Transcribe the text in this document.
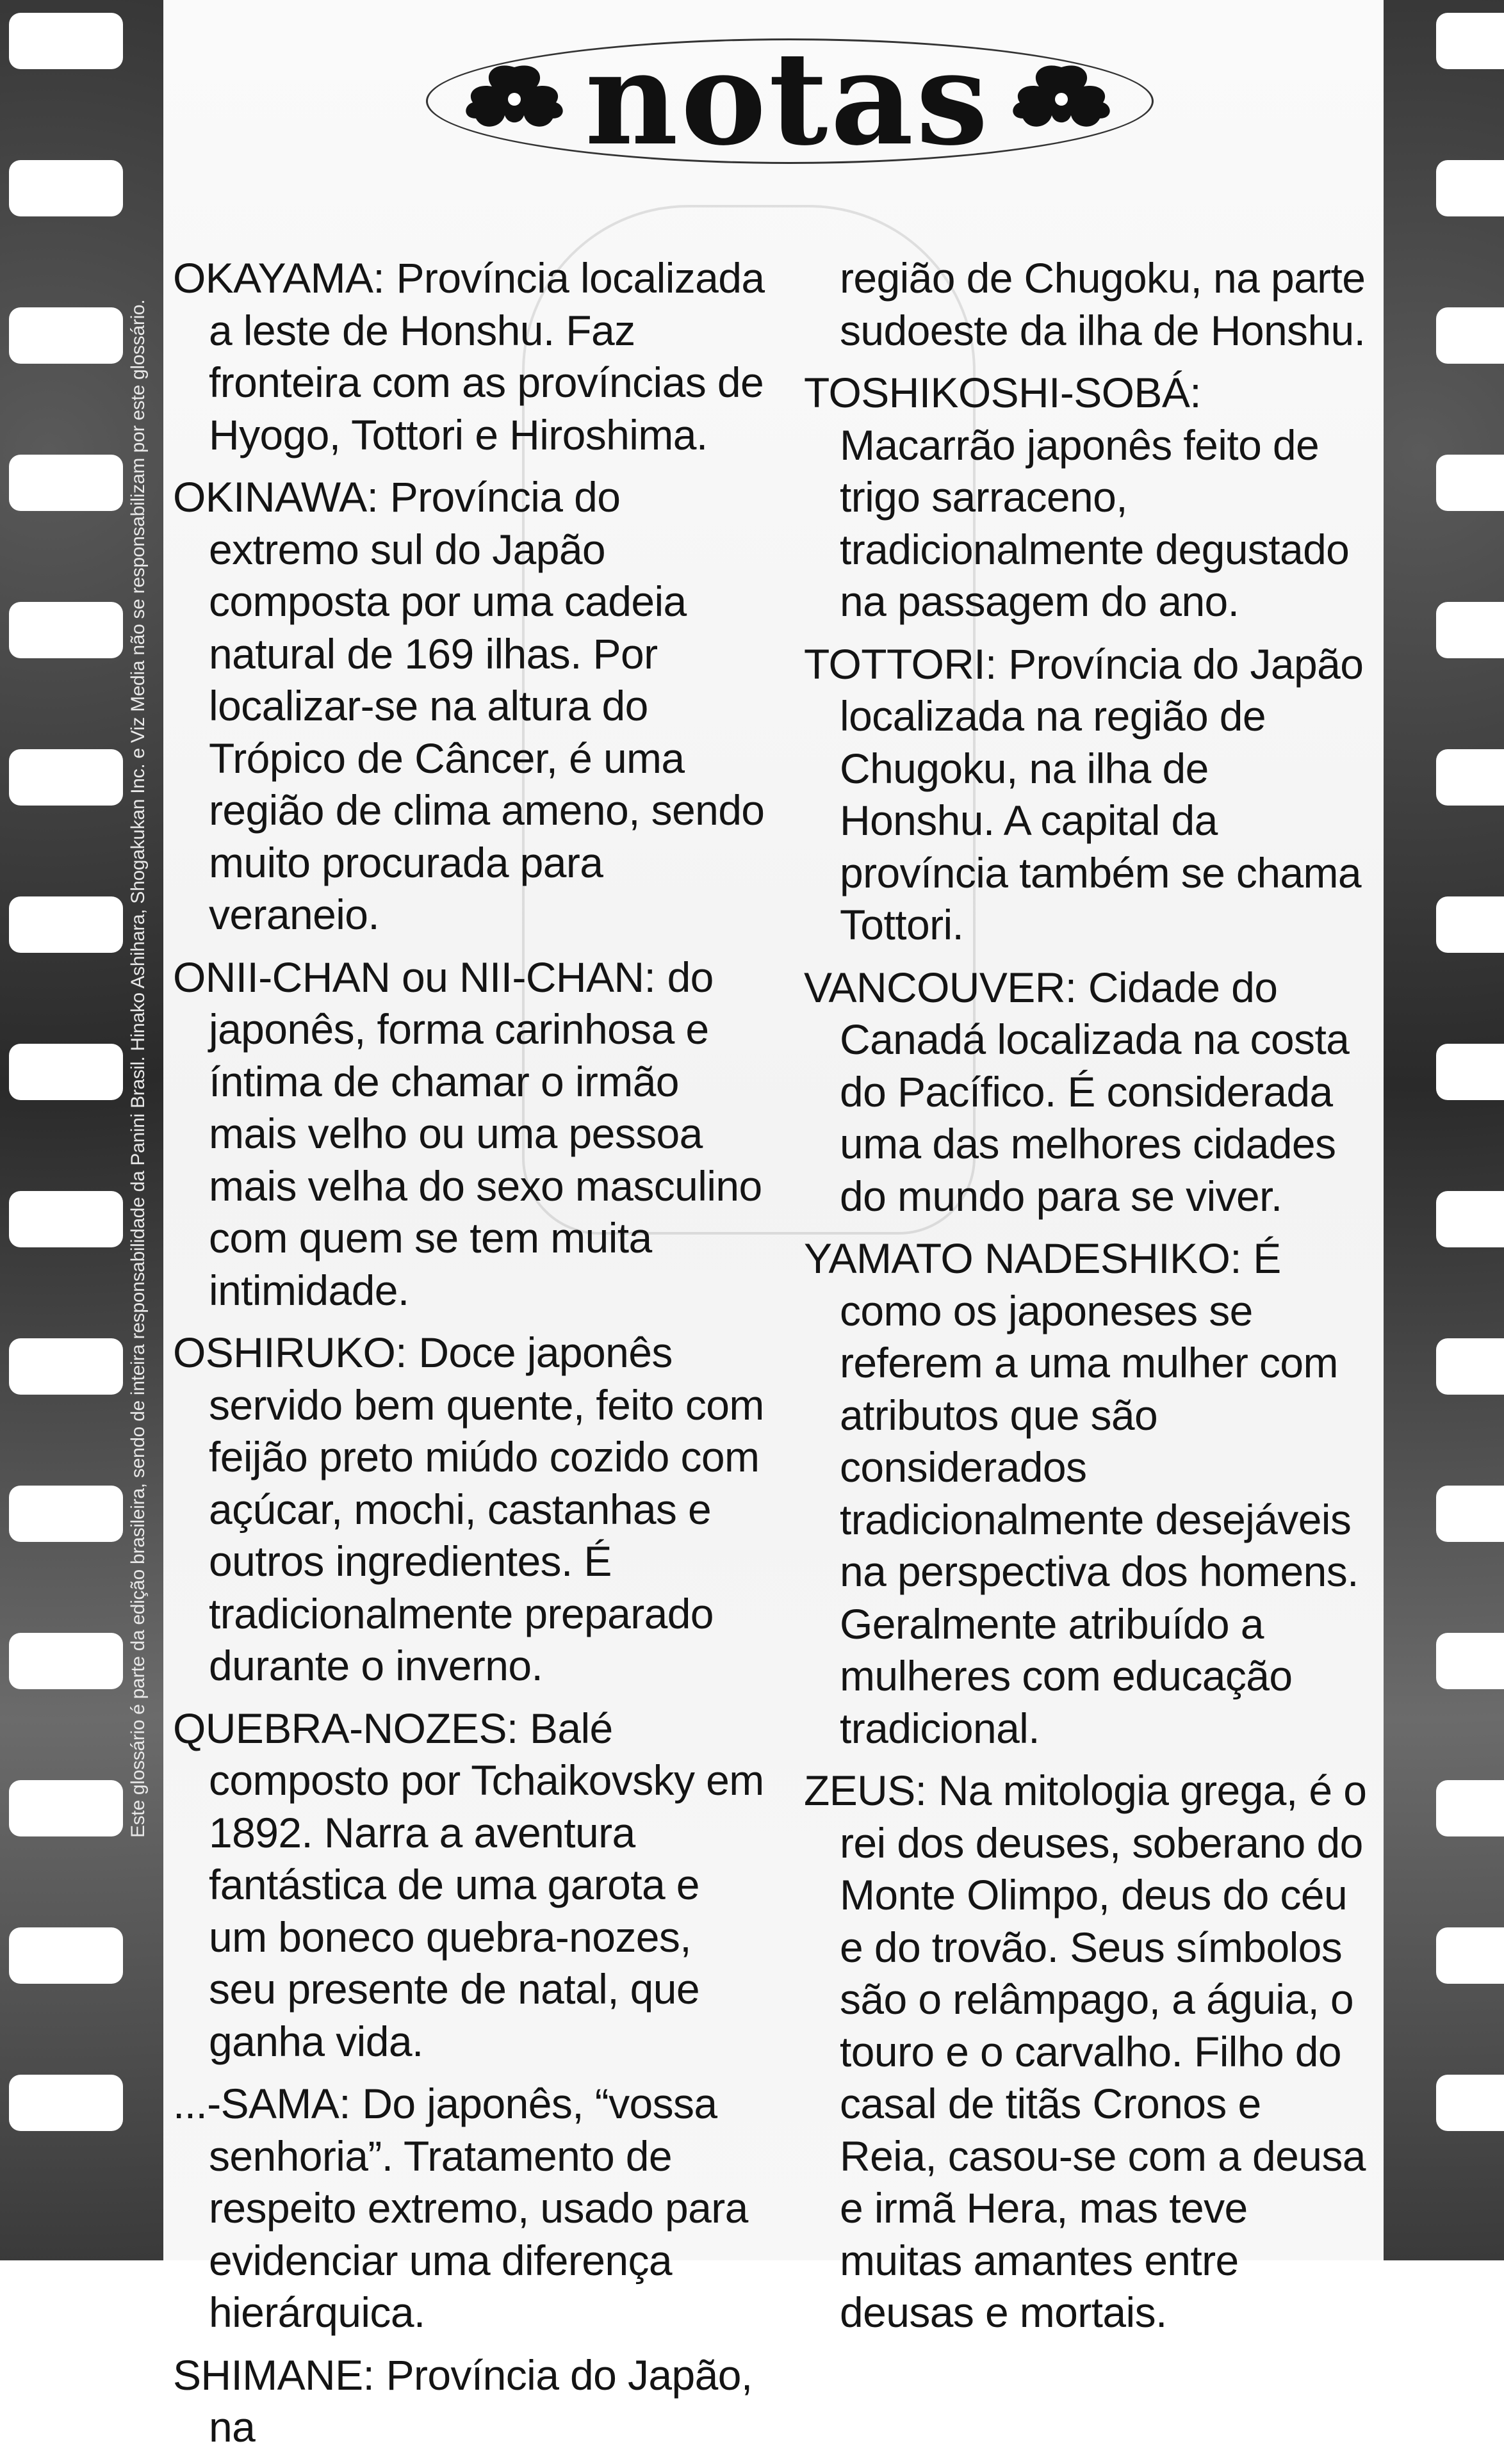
Este glossário é parte da edição brasileira, sendo de inteira responsabilidade da Panini Brasil. Hinako Ashihara, Shogakukan Inc. e Viz Media não se responsabilizam por este glossário.
notas

OKAYAMA: Província localizada a leste de Honshu. Faz fronteira com as províncias de Hyogo, Tottori e Hiroshima.

OKINAWA: Província do extremo sul do Japão composta por uma cadeia natural de 169 ilhas. Por localizar-se na altura do Trópico de Câncer, é uma região de clima ameno, sendo muito procurada para veraneio.

ONII-CHAN ou NII-CHAN: do japonês, forma carinhosa e íntima de chamar o irmão mais velho ou uma pessoa mais velha do sexo masculino com quem se tem muita intimidade.

OSHIRUKO: Doce japonês servido bem quente, feito com feijão preto miúdo cozido com açúcar, mochi, castanhas e outros ingredientes. É tradicionalmente preparado durante o inverno.

QUEBRA-NOZES: Balé composto por Tchaikovsky em 1892. Narra a aventura fantástica de uma garota e um boneco quebra-nozes, seu presente de natal, que ganha vida.

...-SAMA: Do japonês, “vossa senhoria”. Tratamento de respeito extremo, usado para evidenciar uma diferença hierárquica.

SHIMANE: Província do Japão, na

região de Chugoku, na parte sudoeste da ilha de Honshu.

TOSHIKOSHI-SOBÁ: Macarrão japonês feito de trigo sarraceno, tradicionalmente degustado na passagem do ano.

TOTTORI: Província do Japão localizada na região de Chugoku, na ilha de Honshu. A capital da província também se chama Tottori.

VANCOUVER: Cidade do Canadá localizada na costa do Pacífico. É considerada uma das melhores cidades do mundo para se viver.

YAMATO NADESHIKO: É como os japoneses se referem a uma mulher com atributos que são considerados tradicionalmente desejáveis na perspectiva dos homens. Geralmente atribuído a mulheres com educação tradicional.

ZEUS: Na mitologia grega, é o rei dos deuses, soberano do Monte Olimpo, deus do céu e do trovão. Seus símbolos são o relâmpago, a águia, o touro e o carvalho. Filho do casal de titãs Cronos e Reia, casou-se com a deusa e irmã Hera, mas teve muitas amantes entre deusas e mortais.
